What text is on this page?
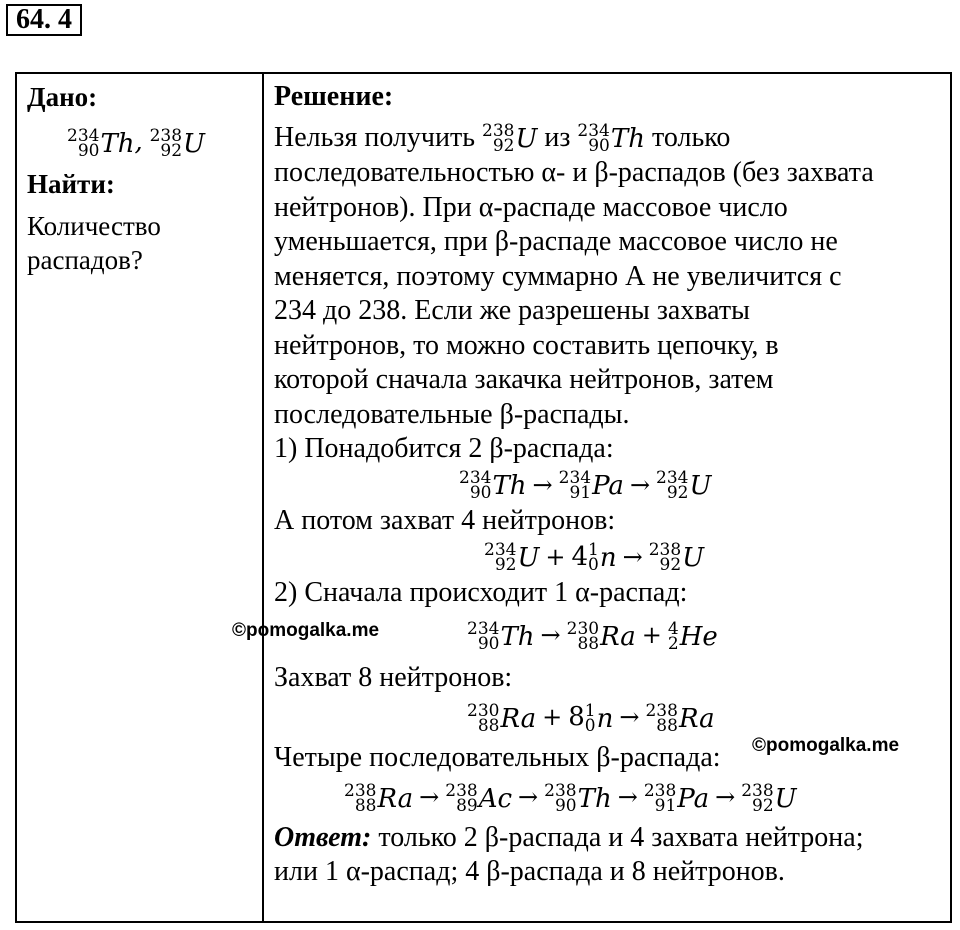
64. 4
Дано:
234
90 Th , 238
92 U
Найти:
Количество
распадов?
Решение:
Нельзя получить 238
92 U из 234
90 Th только
последовательностью α- и β-распадов (без захвата
нейтронов). При α-распаде массовое число
уменьшается, при β-распаде массовое число не
меняется, поэтому суммарно А не увеличится с
234 до 238. Если же разрешены захваты
нейтронов, то можно составить цепочку, в
которой сначала закачка нейтронов, затем
последовательные β-распады.
1) Понадобится 2 β-распада:
234
90 Th → 234
91 Pa → 234
92 U
А потом захват 4 нейтронов:
234
92 U + 4 1
0 n → 238
92 U
2) Сначала происходит 1 α-распад:
234
90 Th → 230
88 Ra + 4
2 He
Захват 8 нейтронов:
230
88 Ra + 8 1
0 n → 238
88 Ra
Четыре последовательных β-распада:
238
88 Ra → 238
89 Ac → 238
90 Th → 238
91 Pa → 238
92 U
Ответ: только 2 β-распада и 4 захвата нейтрона;
или 1 α-распад; 4 β-распада и 8 нейтронов.
©pomogalka.me
©pomogalka.me
